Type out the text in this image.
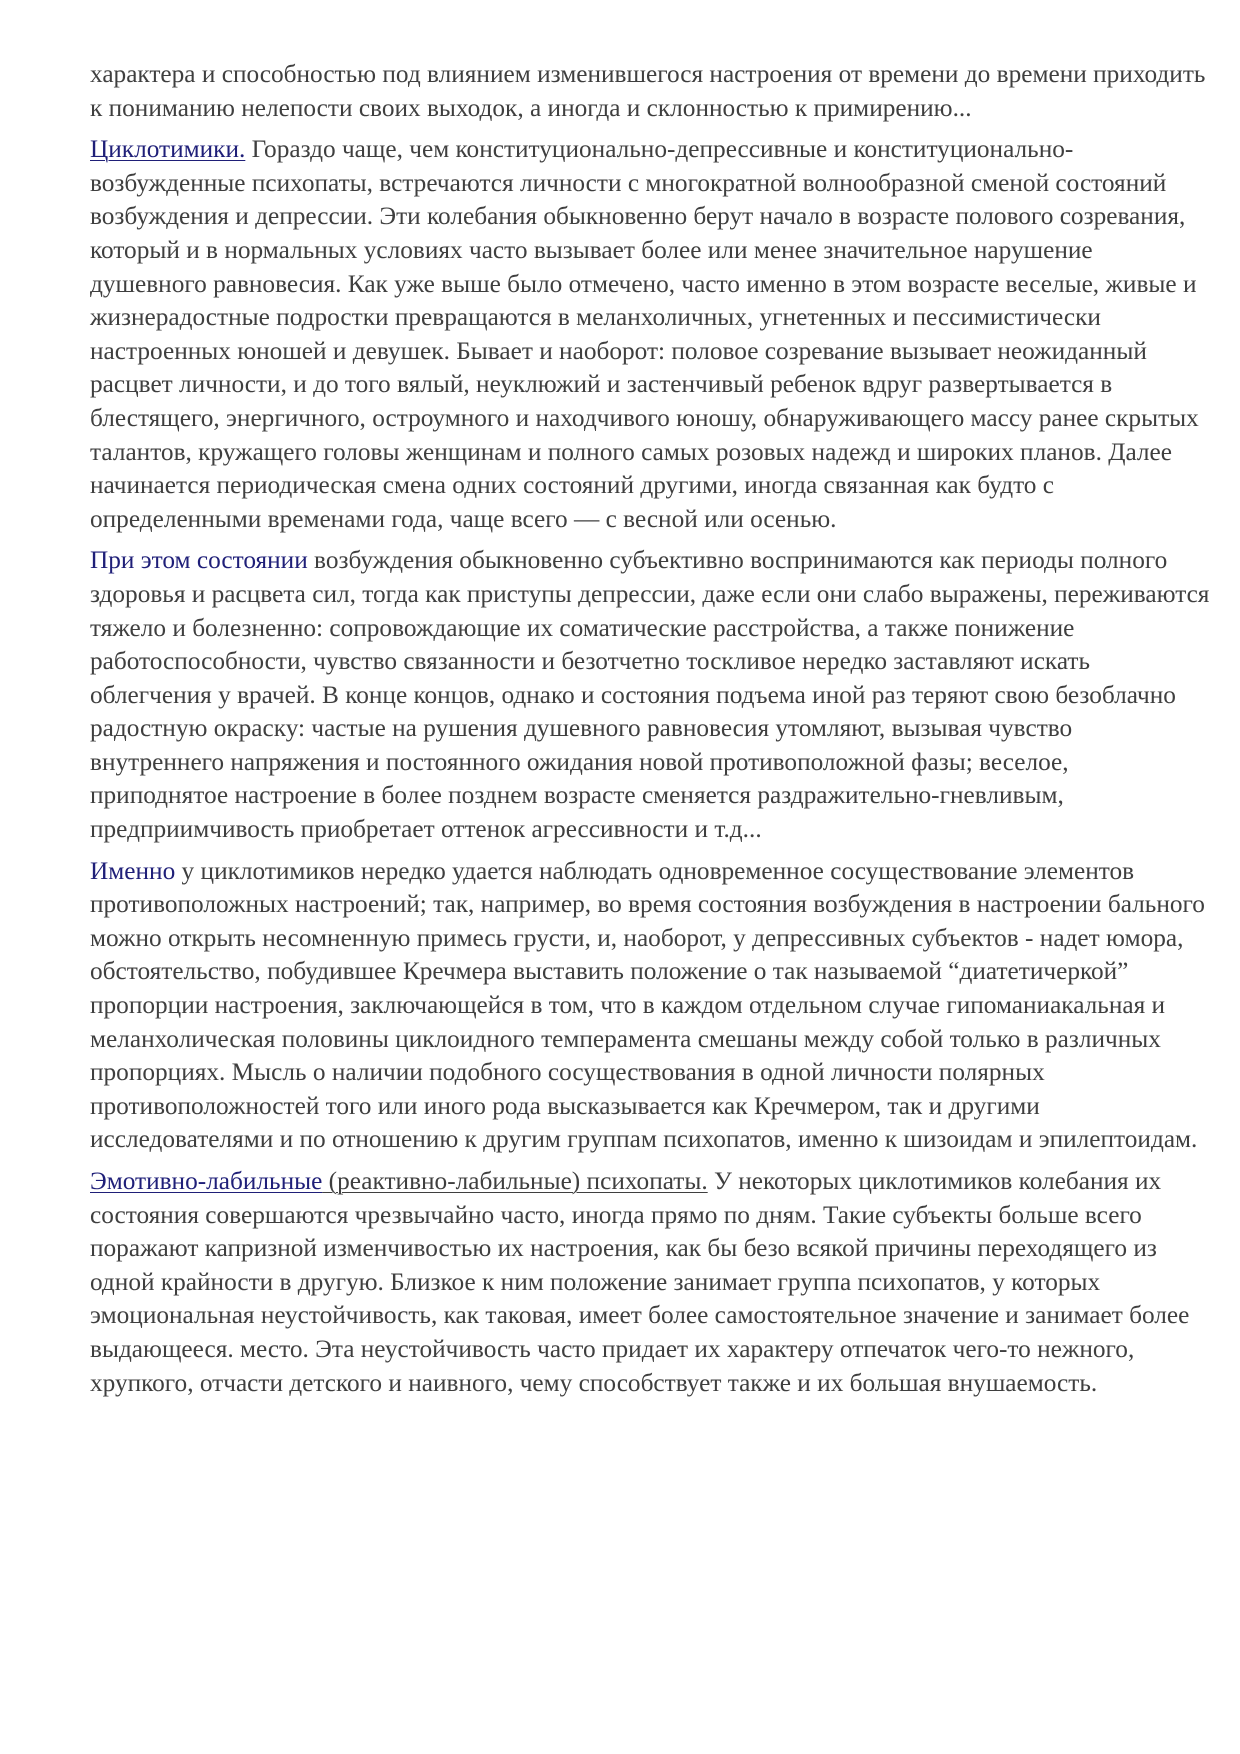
характера и способностью под влиянием изменившегося настроения от времени до времени приходить к пониманию нелепости своих выходок, а иногда и склонностью к примирению...

Циклотимики. Гораздо чаще, чем конституционально-депрессивные и конституционально-возбужденные психопаты, встречаются личности с многократной волнообразной сменой состояний возбуждения и депрессии. Эти колебания обыкновенно берут начало в возрасте полового созревания, который и в нормальных условиях часто вызывает более или менее значительное нарушение душевного равновесия. Как уже выше было отмечено, часто именно в этом возрасте веселые, живые и жизнерадостные подростки превращаются в меланхоличных, угнетенных и пессимистически настроенных юношей и девушек. Бывает и наоборот: половое созревание вызывает неожиданный расцвет личности, и до того вялый, неуклюжий и застенчивый ребенок вдруг развертывается в блестящего, энергичного, остроумного и находчивого юношу, обнаруживающего массу ранее скрытых талантов, кружащего головы женщинам и полного самых розовых надежд и широких планов. Далее начинается периодическая смена одних состояний другими, иногда связанная как будто с определенными временами года, чаще всего — с весной или осенью.

При этом состоянии возбуждения обыкновенно субъективно воспринимаются как периоды полного здоровья и расцвета сил, тогда как приступы депрессии, даже если они слабо выражены, переживаются тяжело и болезненно: сопровождающие их соматические расстройства, а также понижение работоспособности, чувство связанности и безотчетно тоскливое нередко заставляют искать облегчения у врачей. В конце концов, однако и состояния подъема иной раз теряют свою безоблачно радостную окраску: частые на рушения душевного равновесия утомляют, вызывая чувство внутреннего напряжения и постоянного ожидания новой противоположной фазы; веселое, приподнятое настроение в более позднем возрасте сменяется раздражительно-гневливым, предприимчивость приобретает оттенок агрессивности и т.д...

Именно у циклотимиков нередко удается наблюдать одновременное сосуществование элементов противоположных настроений; так, например, во время состояния возбуждения в настроении бального можно открыть несомненную примесь грусти, и, наоборот, у депрессивных субъектов - надет юмора, обстоятельство, побудившее Кречмера выставить положение о так называемой “диатетичеркой” пропорции настроения, заключающейся в том, что в каждом отдельном случае гипоманиакальная и меланхолическая половины циклоидного темперамента смешаны между собой только в различных пропорциях. Мысль о наличии подобного сосуществования в одной личности полярных противоположностей того или иного рода высказывается как Кречмером, так и другими исследователями и по отношению к другим группам психопатов, именно к шизоидам и эпилептоидам.

Эмотивно-лабильные (реактивно-лабильные) психопаты. У некоторых циклотимиков колебания их состояния совершаются чрезвычайно часто, иногда прямо по дням. Такие субъекты больше всего поражают капризной изменчивостью их настроения, как бы безо всякой причины переходящего из одной крайности в другую. Близкое к ним положение занимает группа психопатов, у которых эмоциональная неустойчивость, как таковая, имеет более самостоятельное значение и занимает более выдающееся. место. Эта неустойчивость часто придает их характеру отпечаток чего-то нежного, хрупкого, отчасти детского и наивного, чему способствует также и их большая внушаемость.
